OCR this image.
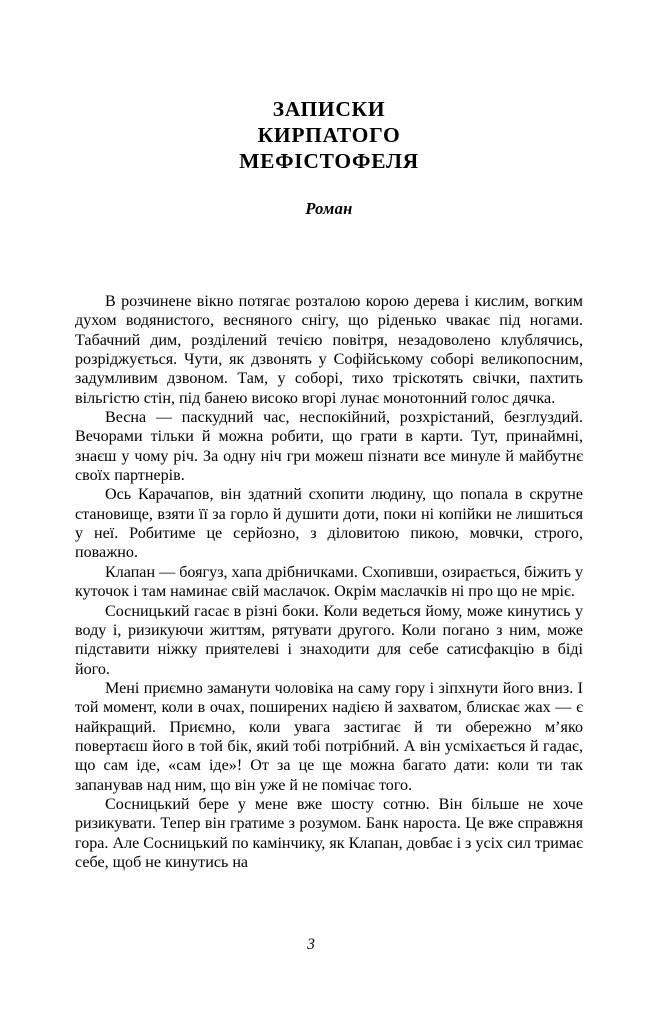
ЗАПИСКИ
КИРПАТОГО
МЕФІСТОФЕЛЯ

Роман

В розчинене вікно потягає розталою корою дерева і кислим, вогким духом водянистого, весняного снігу, що ріденько чвакає під ногами. Табачний дим, розділений течією повітря, незадоволено клублячись, розріджується. Чути, як дзвонять у Софійському соборі великопосним, задумливим дзвоном. Там, у соборі, тихо тріскотять свічки, пахтить вільгістю стін, під банею високо вгорі лунає монотонний голос дячка.

Весна — паскудний час, неспокійний, розхрістаний, безглуздий. Вечорами тільки й можна робити, що грати в карти. Тут, принаймні, знаєш у чому річ. За одну ніч гри можеш пізнати все минуле й майбутнє своїх партнерів.

Ось Карачапов, він здатний схопити людину, що попала в скрутне становище, взяти її за горло й душити доти, поки ні копійки не лишиться у неї. Робитиме це серйозно, з діловитою пикою, мовчки, строго, поважно.

Клапан — боягуз, хапа дрібничками. Схопивши, озирається, біжить у куточок і там наминає свій маслачок. Окрім маслачків ні про що не мріє.

Сосницький гасає в різні боки. Коли ведеться йому, може кинутись у воду і, ризикуючи життям, рятувати другого. Коли погано з ним, може підставити ніжку приятелеві і знаходити для себе сатисфакцію в біді його.

Мені приємно заманути чоловіка на саму гору і зіпхнути його вниз. І той момент, коли в очах, поширених надією й захватом, блискає жах — є найкращий. Приємно, коли увага застигає й ти обережно м’яко повертаєш його в той бік, який тобі потрібний. А він усміхається й гадає, що сам іде, «сам іде»! От за це ще можна багато дати: коли ти так запанував над ним, що він уже й не помічає того.

Сосницький бере у мене вже шосту сотню. Він більше не хоче ризикувати. Тепер він гратиме з розумом. Банк нароста. Це вже справжня гора. Але Сосницький по камінчику, як Клапан, довбає і з усіх сил тримає себе, щоб не кинутись на

3
